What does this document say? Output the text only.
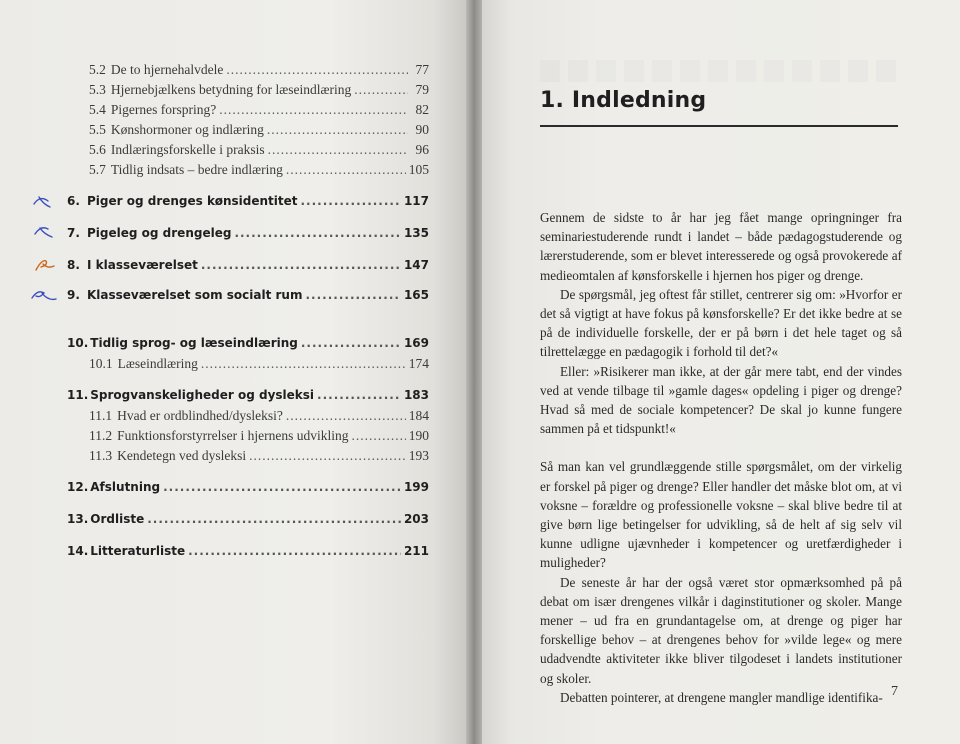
5.2 De to hjernehalvdele .....	77
5.3 Hjernebjælkens betydning for læseindlæring .....	79
5.4 Pigernes forspring? .....	82
5.5 Kønshormoner og indlæring .....	90
5.6 Indlæringsforskelle i praksis .....	96
5.7 Tidlig indsats – bedre indlæring .....	105
6. Piger og drenges kønsidentitet .....	117
7. Pigeleg og drengeleg .....	135
8. I klasseværelset .....	147
9. Klasseværelset som socialt rum .....	165
10. Tidlig sprog- og læseindlæring .....	169
10.1 Læseindlæring .....	174
11. Sprogvanskeligheder og dysleksi .....	183
11.1 Hvad er ordblindhed/dysleksi? .....	184
11.2 Funktionsforstyrrelser i hjernens udvikling .....	190
11.3 Kendetegn ved dysleksi .....	193
12. Afslutning .....	199
13. Ordliste .....	203
14. Litteraturliste .....	211
1. Indledning

Gennem de sidste to år har jeg fået mange opringninger fra seminariestuderende rundt i landet – både pædagogstuderende og lærerstuderende, som er blevet interesserede og også provokerede af medieomtalen af kønsforskelle i hjernen hos piger og drenge.

De spørgsmål, jeg oftest får stillet, centrerer sig om: »Hvorfor er det så vigtigt at have fokus på kønsforskelle? Er det ikke bedre at se på de individuelle forskelle, der er på børn i det hele taget og så tilrettelægge en pædagogik i forhold til det?«

Eller: »Risikerer man ikke, at der går mere tabt, end der vindes ved at vende tilbage til »gamle dages« opdeling i piger og drenge? Hvad så med de sociale kompetencer? De skal jo kunne fungere sammen på et tidspunkt!«

Så man kan vel grundlæggende stille spørgsmålet, om der virkelig er forskel på piger og drenge? Eller handler det måske blot om, at vi voksne – forældre og professionelle voksne – skal blive bedre til at give børn lige betingelser for udvikling, så de helt af sig selv vil kunne udligne ujævnheder i kompetencer og uretfærdigheder i muligheder?

De seneste år har der også været stor opmærksomhed på på debat om især drengenes vilkår i daginstitutioner og skoler. Mange mener – ud fra en grundantagelse om, at drenge og piger har forskellige behov – at drengenes behov for »vilde lege« og mere udadvendte aktiviteter ikke bliver tilgodeset i landets institutioner og skoler.

Debatten pointerer, at drengene mangler mandlige identifika- 7
